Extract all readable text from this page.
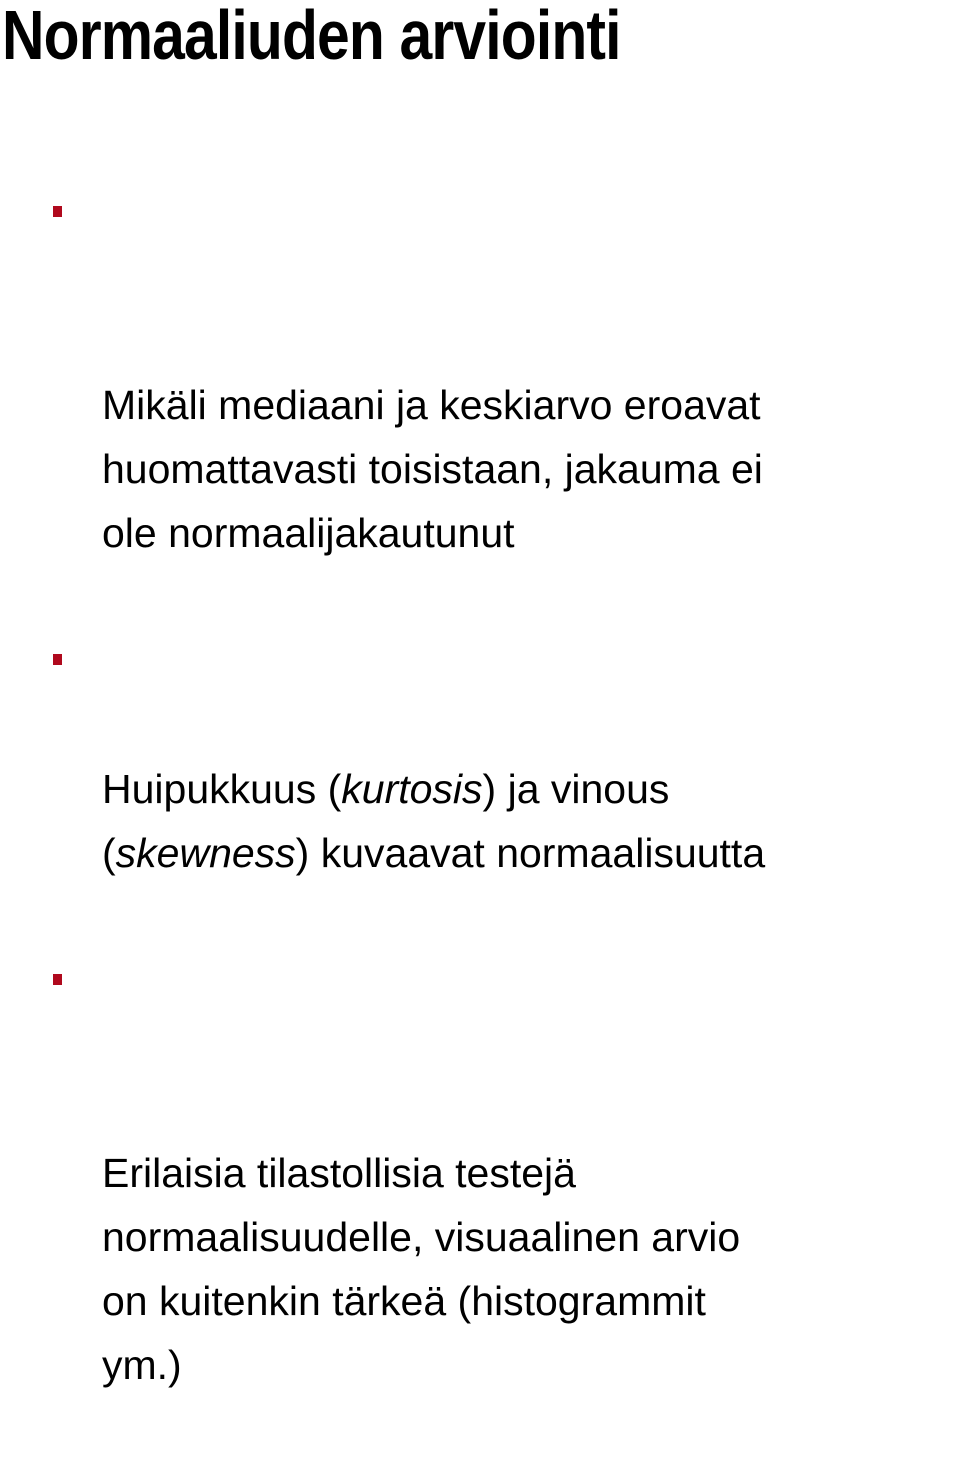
Normaaliuden arviointi

Mikäli mediaani ja keskiarvo eroavat
huomattavasti toisistaan, jakauma ei
ole normaalijakautunut

Huipukkuus (kurtosis) ja vinous
(skewness) kuvaavat normaalisuutta

Erilaisia tilastollisia testejä
normaalisuudelle, visuaalinen arvio
on kuitenkin tärkeä (histogrammit
ym.)
